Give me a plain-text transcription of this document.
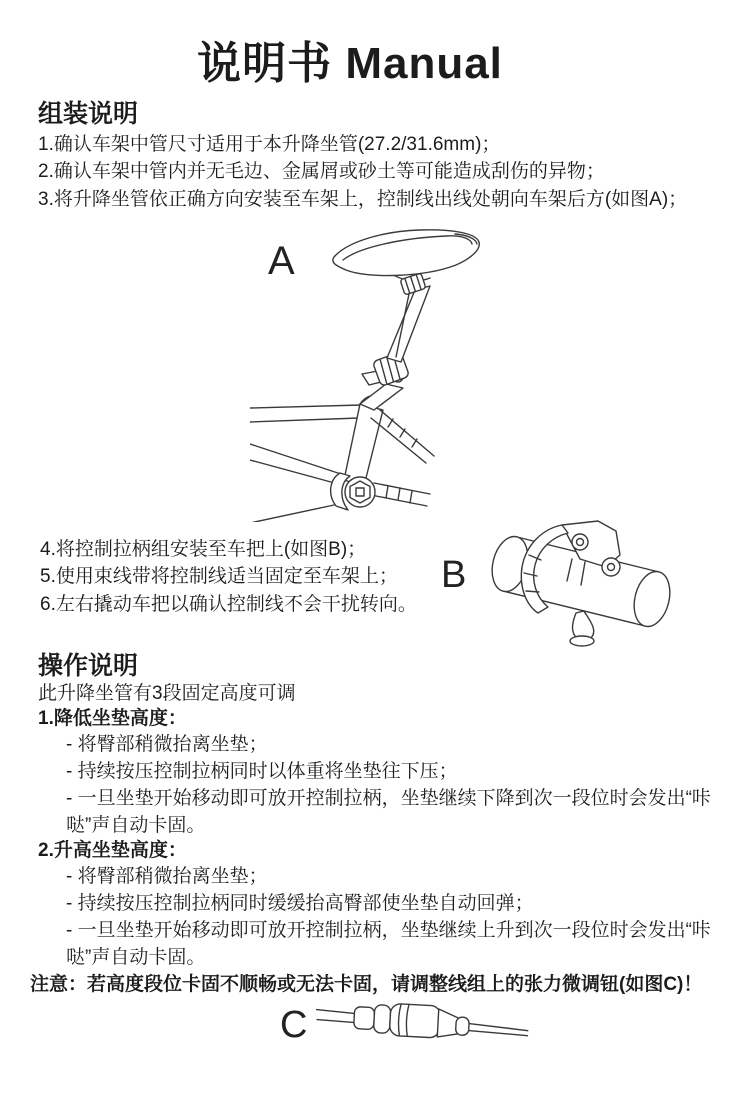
说明书 Manual
组装说明
1.确认车架中管尺寸适用于本升降坐管(27.2/31.6mm)；
2.确认车架中管内并无毛边、金属屑或砂土等可能造成刮伤的异物；
3.将升降坐管依正确方向安装至车架上，控制线出线处朝向车架后方(如图A)；
A
4.将控制拉柄组安装至车把上(如图B)；
5.使用束线带将控制线适当固定至车架上；
6.左右撬动车把以确认控制线不会干扰转向。
B
操作说明
此升降坐管有3段固定高度可调
1.降低坐垫高度：
- 将臀部稍微抬离坐垫；
- 持续按压控制拉柄同时以体重将坐垫往下压；
- 一旦坐垫开始移动即可放开控制拉柄，坐垫继续下降到次一段位时会发出“咔哒”声自动卡固。
2.升高坐垫高度：
- 将臀部稍微抬离坐垫；
- 持续按压控制拉柄同时缓缓抬高臀部使坐垫自动回弹；
- 一旦坐垫开始移动即可放开控制拉柄，坐垫继续上升到次一段位时会发出“咔哒”声自动卡固。
注意：若高度段位卡固不顺畅或无法卡固，请调整线组上的张力微调钮(如图C)！
C
